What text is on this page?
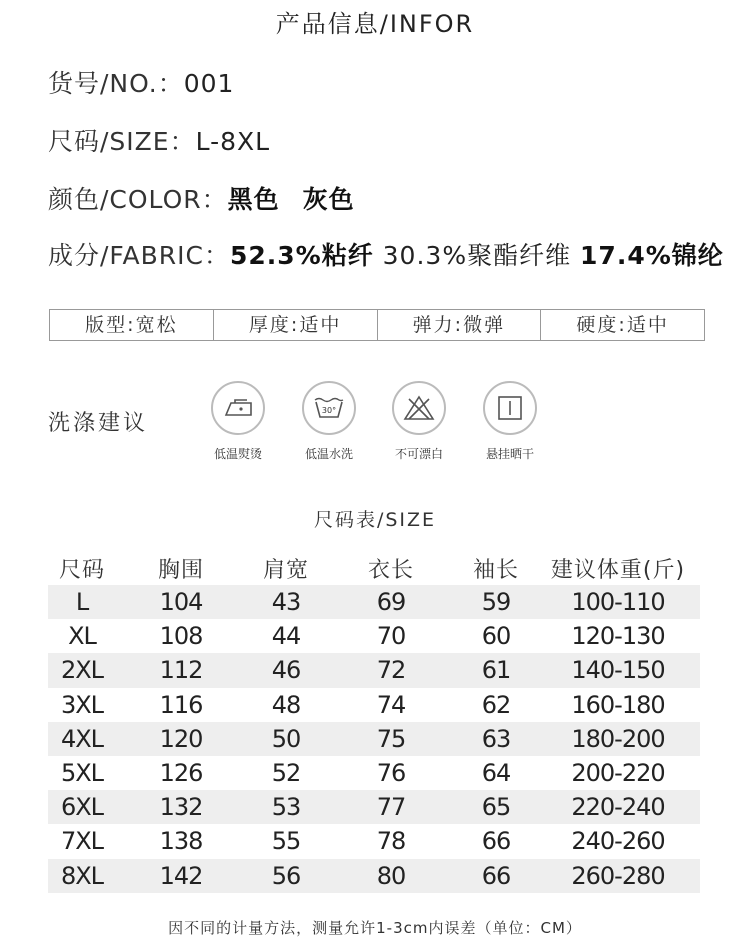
产品信息/INFOR
货号/NO.：001
尺码/SIZE：L-8XL
颜色/COLOR：黑色 灰色
成分/FABRIC：52.3%粘纤 30.3%聚酯纤维 17.4%锦纶
版型:宽松	厚度:适中	弹力:微弹	硬度:适中
洗涤建议
低温熨烫
30°
低温水洗	不可漂白	悬挂晒干
尺码表/SIZE
尺码	胸围	肩宽	衣长	袖长	建议体重(斤)
L	104	43	69	59	100-110
XL	108	44	70	60	120-130
2XL	112	46	72	61	140-150
3XL	116	48	74	62	160-180
4XL	120	50	75	63	180-200
5XL	126	52	76	64	200-220
6XL	132	53	77	65	220-240
7XL	138	55	78	66	240-260
8XL	142	56	80	66	260-280
因不同的计量方法，测量允许1-3cm内误差（单位：CM）
